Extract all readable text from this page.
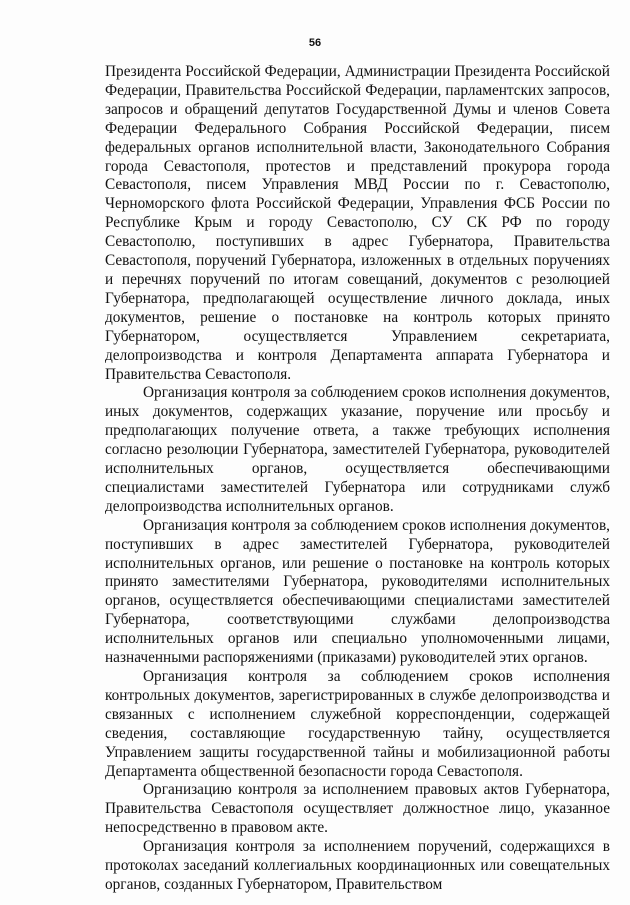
56

Президента Российской Федерации, Администрации Президента Российской Федерации, Правительства Российской Федерации, парламентских запросов, запросов и обращений депутатов Государственной Думы и членов Совета Федерации Федерального Собрания Российской Федерации, писем федеральных органов исполнительной власти, Законодательного Собрания города Севастополя, протестов и представлений прокурора города Севастополя, писем Управления МВД России по г. Севастополю, Черноморского флота Российской Федерации, Управления ФСБ России по Республике Крым и городу Севастополю, СУ СК РФ по городу Севастополю, поступивших в адрес Губернатора, Правительства Севастополя, поручений Губернатора, изложенных в отдельных поручениях и перечнях поручений по итогам совещаний, документов с резолюцией Губернатора, предполагающей осуществление личного доклада, иных документов, решение о постановке на контроль которых принято Губернатором, осуществляется Управлением секретариата, делопроизводства и контроля Департамента аппарата Губернатора и Правительства Севастополя.

Организация контроля за соблюдением сроков исполнения документов, иных документов, содержащих указание, поручение или просьбу и предполагающих получение ответа, а также требующих исполнения согласно резолюции Губернатора, заместителей Губернатора, руководителей исполнительных органов, осуществляется обеспечивающими специалистами заместителей Губернатора или сотрудниками служб делопроизводства исполнительных органов.

Организация контроля за соблюдением сроков исполнения документов, поступивших в адрес заместителей Губернатора, руководителей исполнительных органов, или решение о постановке на контроль которых принято заместителями Губернатора, руководителями исполнительных органов, осуществляется обеспечивающими специалистами заместителей Губернатора, соответствующими службами делопроизводства исполнительных органов или специально уполномоченными лицами, назначенными распоряжениями (приказами) руководителей этих органов.

Организация контроля за соблюдением сроков исполнения контрольных документов, зарегистрированных в службе делопроизводства и связанных с исполнением служебной корреспонденции, содержащей сведения, составляющие государственную тайну, осуществляется Управлением защиты государственной тайны и мобилизационной работы Департамента общественной безопасности города Севастополя.

Организацию контроля за исполнением правовых актов Губернатора, Правительства Севастополя осуществляет должностное лицо, указанное непосредственно в правовом акте.

Организация контроля за исполнением поручений, содержащихся в протоколах заседаний коллегиальных координационных или совещательных органов, созданных Губернатором, Правительством
